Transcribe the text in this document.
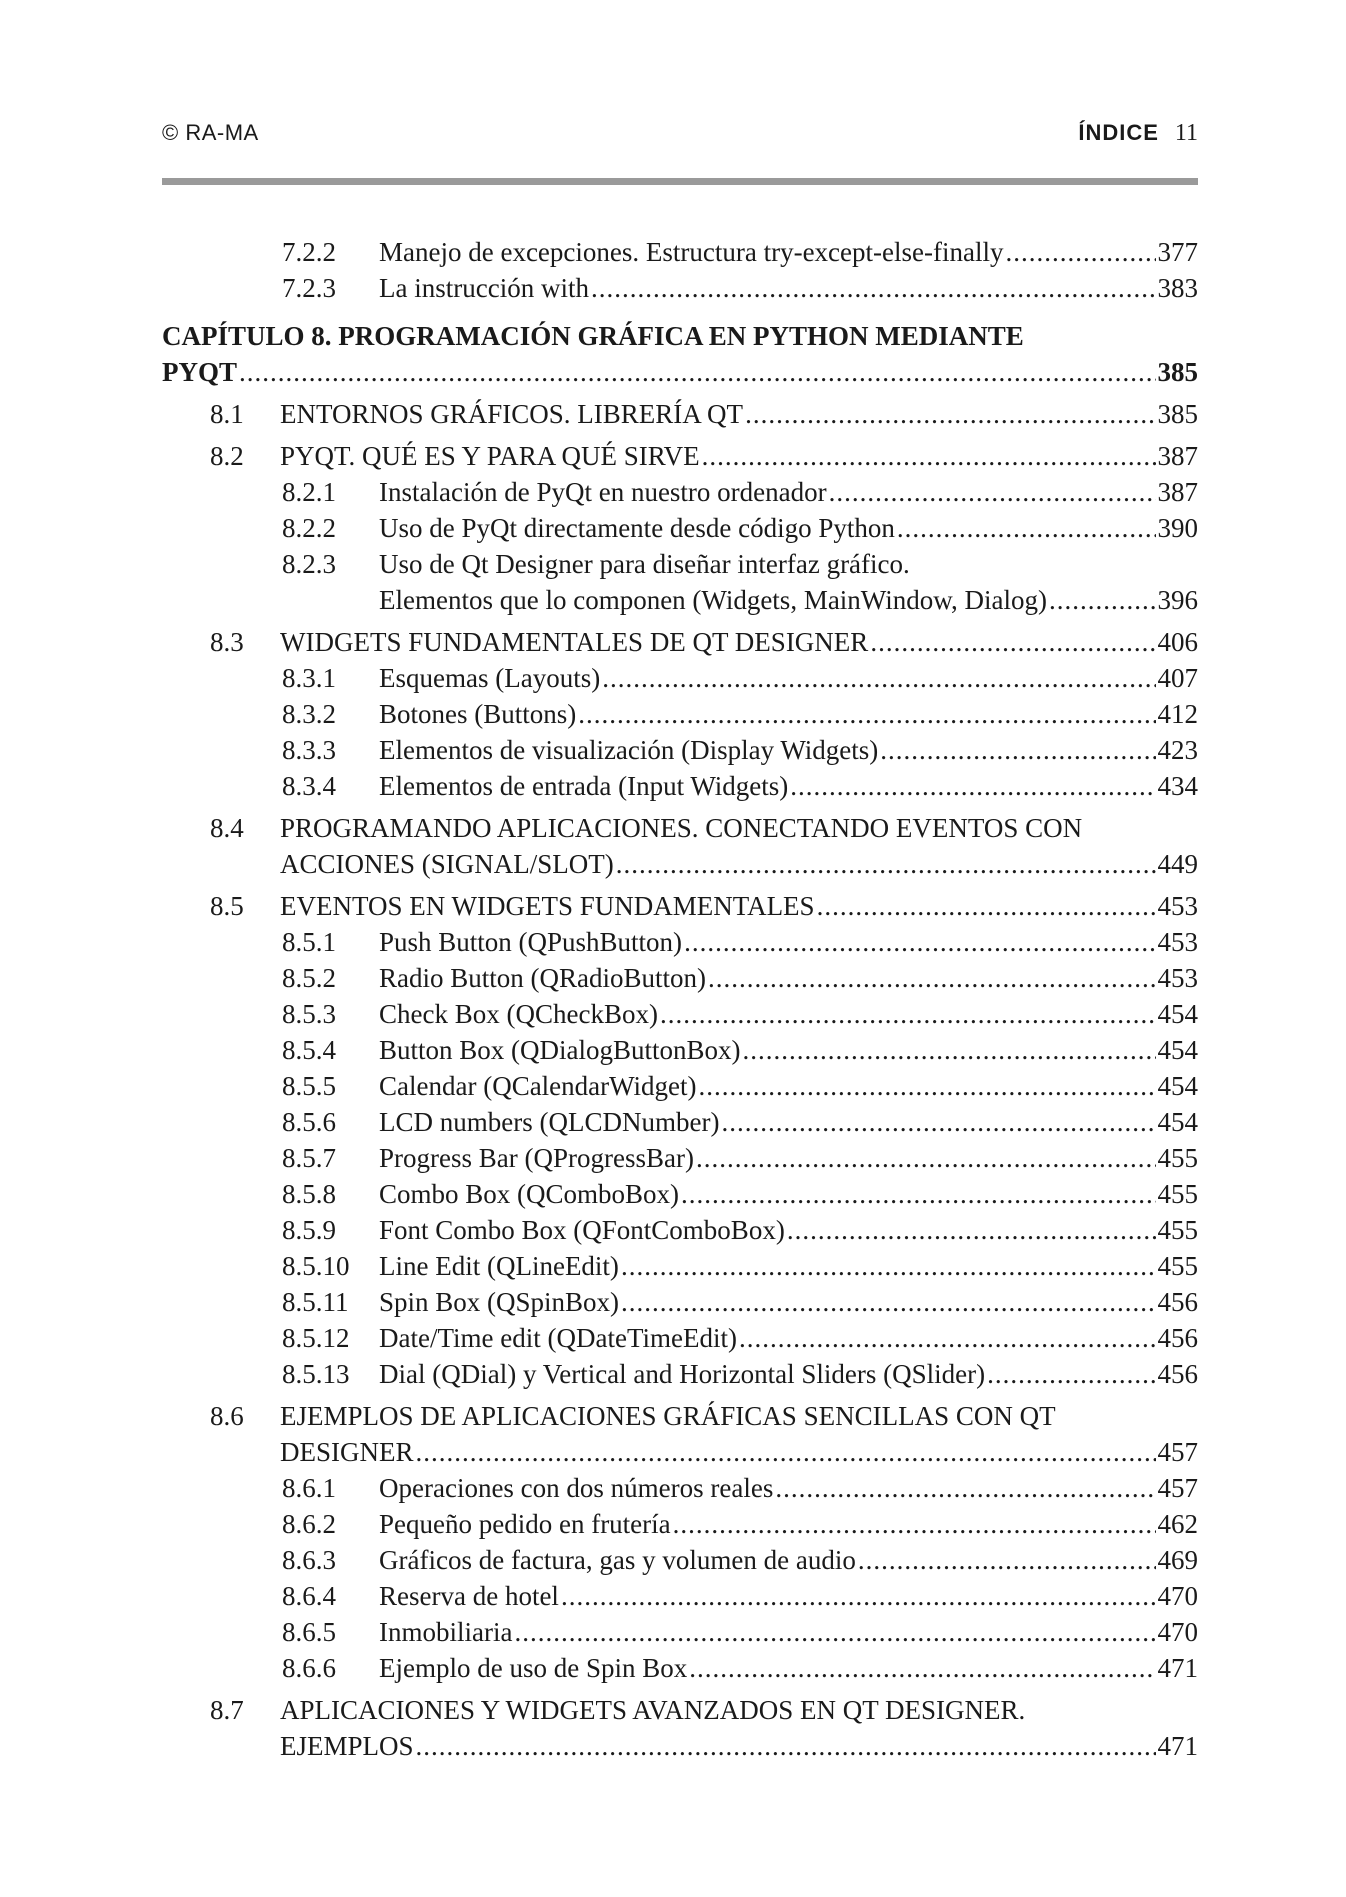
© RA-MA	ÍNDICE 11
7.2.2	Manejo de excepciones. Estructura try-except-else-finally .....	377
7.2.3	La instrucción with .....	383
CAPÍTULO 8. PROGRAMACIÓN GRÁFICA EN PYTHON MEDIANTE
PYQT .....	385
8.1	ENTORNOS GRÁFICOS. LIBRERÍA QT .....	385
8.2	PYQT. QUÉ ES Y PARA QUÉ SIRVE .....	387
8.2.1	Instalación de PyQt en nuestro ordenador .....	387
8.2.2	Uso de PyQt directamente desde código Python .....	390
8.2.3	Uso de Qt Designer para diseñar interfaz gráfico.
Elementos que lo componen (Widgets, MainWindow, Dialog) .....	396
8.3	WIDGETS FUNDAMENTALES DE QT DESIGNER .....	406
8.3.1	Esquemas (Layouts) .....	407
8.3.2	Botones (Buttons) .....	412
8.3.3	Elementos de visualización (Display Widgets) .....	423
8.3.4	Elementos de entrada (Input Widgets) .....	434
8.4	PROGRAMANDO APLICACIONES. CONECTANDO EVENTOS CON
ACCIONES (SIGNAL/SLOT) .....	449
8.5	EVENTOS EN WIDGETS FUNDAMENTALES .....	453
8.5.1	Push Button (QPushButton) .....	453
8.5.2	Radio Button (QRadioButton) .....	453
8.5.3	Check Box (QCheckBox) .....	454
8.5.4	Button Box (QDialogButtonBox) .....	454
8.5.5	Calendar (QCalendarWidget) .....	454
8.5.6	LCD numbers (QLCDNumber) .....	454
8.5.7	Progress Bar (QProgressBar) .....	455
8.5.8	Combo Box (QComboBox) .....	455
8.5.9	Font Combo Box (QFontComboBox) .....	455
8.5.10	Line Edit (QLineEdit) .....	455
8.5.11	Spin Box (QSpinBox) .....	456
8.5.12	Date/Time edit (QDateTimeEdit) .....	456
8.5.13	Dial (QDial) y Vertical and Horizontal Sliders (QSlider) .....	456
8.6	EJEMPLOS DE APLICACIONES GRÁFICAS SENCILLAS CON QT
DESIGNER .....	457
8.6.1	Operaciones con dos números reales .....	457
8.6.2	Pequeño pedido en frutería .....	462
8.6.3	Gráficos de factura, gas y volumen de audio .....	469
8.6.4	Reserva de hotel .....	470
8.6.5	Inmobiliaria .....	470
8.6.6	Ejemplo de uso de Spin Box .....	471
8.7	APLICACIONES Y WIDGETS AVANZADOS EN QT DESIGNER.
EJEMPLOS .....	471
